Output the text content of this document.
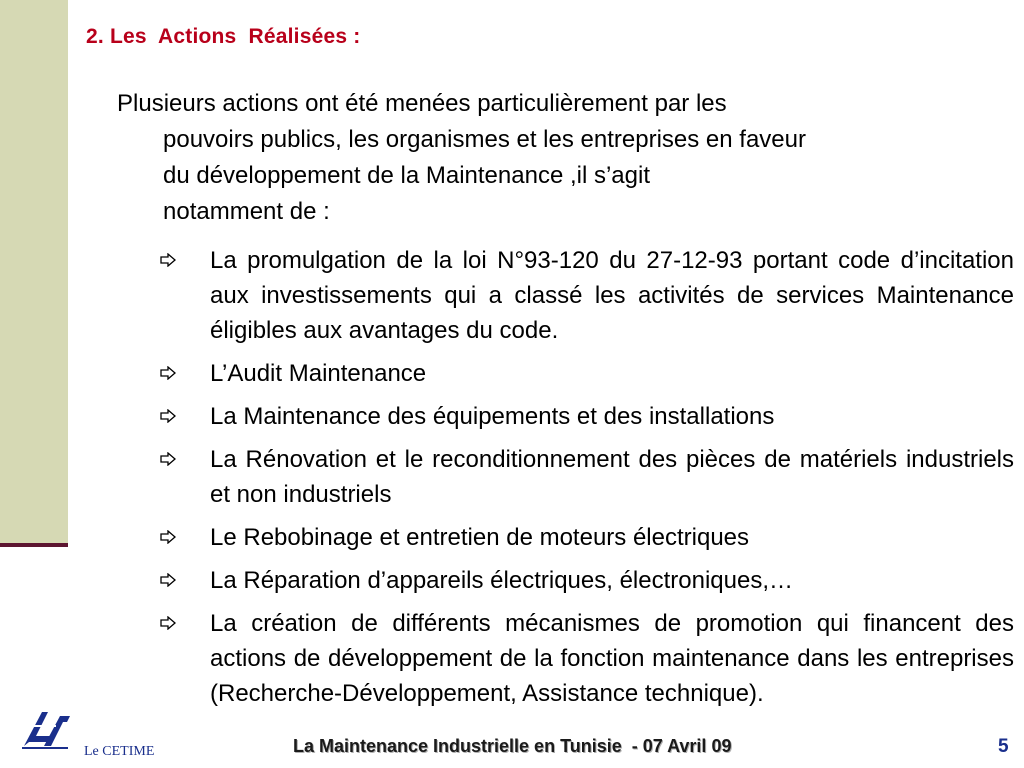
2. Les  Actions  Réalisées :
Plusieurs actions ont été menées particulièrement par les
pouvoirs publics, les organismes et les entreprises en faveur
du développement de la Maintenance ,il s’agit
notamment de :
La promulgation de la loi N°93-120 du 27-12-93 portant code d’incitation aux investissements qui a classé les activités de services Maintenance éligibles aux avantages du code.
L’Audit Maintenance
La Maintenance des équipements et des installations
La Rénovation et le reconditionnement des pièces de matériels industriels et non industriels
Le Rebobinage et entretien de moteurs électriques
La Réparation d’appareils électriques, électroniques,…
La création de différents mécanismes de promotion qui financent des actions de développement de la fonction maintenance dans les entreprises (Recherche-Développement, Assistance technique).
Le CETIME	La Maintenance Industrielle en Tunisie  - 07 Avril 09	5
